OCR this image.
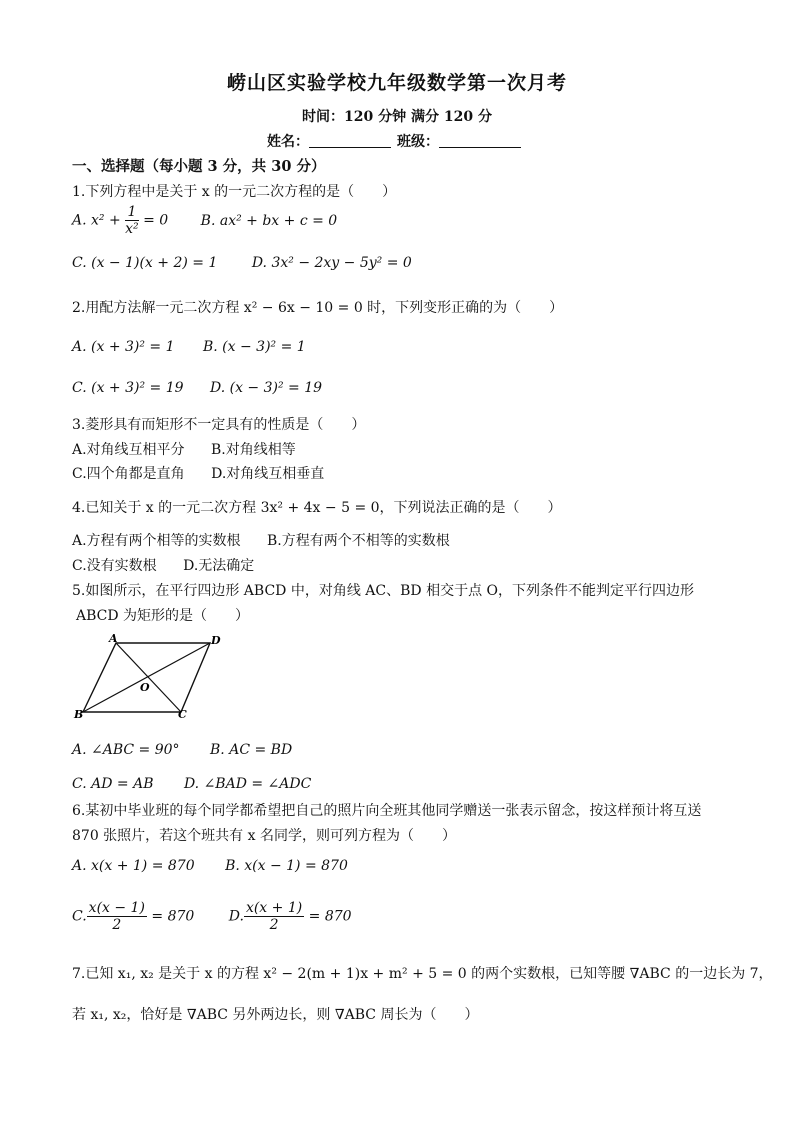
崂山区实验学校九年级数学第一次月考
时间：120 分钟 满分 120 分
姓名：	班级：
一、选择题（每小题 3 分，共 30 分）
1.下列方程中是关于 x 的一元二次方程的是（　　）
A. $x^2 + \frac{1}{\text{x²}} = 0$ B. ax² + bx + c = 0
C. (x − 1)(x + 2) = 1 D. 3x² − 2xy − 5y² = 0
2.用配方法解一元二次方程 x² − 6x − 10 = 0 时，下列变形正确的为（　　）
A. (x + 3)² = 1 B. (x − 3)² = 1
C. (x + 3)² = 19 D. (x − 3)² = 19
3.菱形具有而矩形不一定具有的性质是（　　）
A.对角线互相平分 B.对角线相等
C.四个角都是直角 D.对角线互相垂直
4.已知关于 x 的一元二次方程 3x² + 4x − 5 = 0，下列说法正确的是（　　）
A.方程有两个相等的实数根 B.方程有两个不相等的实数根
C.没有实数根 D.无法确定
5.如图所示，在平行四边形 ABCD 中，对角线 AC、BD 相交于点 O，下列条件不能判定平行四边形
ABCD 为矩形的是（　　）
A	D
B	C
O
A. ∠ABC = 90° B. AC = BD
C. AD = AB D. ∠BAD = ∠ADC
6.某初中毕业班的每个同学都希望把自己的照片向全班其他同学赠送一张表示留念，按这样预计将互送
870 张照片，若这个班共有 x 名同学，则可列方程为（　　）
A. x(x + 1) = 870 B. x(x − 1) = 870
C. $\frac{x(x - 1)}{2} = 870$ D. $\frac{x(x + 1)}{2} = 870$
7.已知 x₁, x₂ 是关于 x 的方程 x² − 2(m + 1)x + m² + 5 = 0 的两个实数根，已知等腰 ∇ABC 的一边长为 7，
若 x₁, x₂，恰好是 ∇ABC 另外两边长，则 ∇ABC 周长为（　　）
